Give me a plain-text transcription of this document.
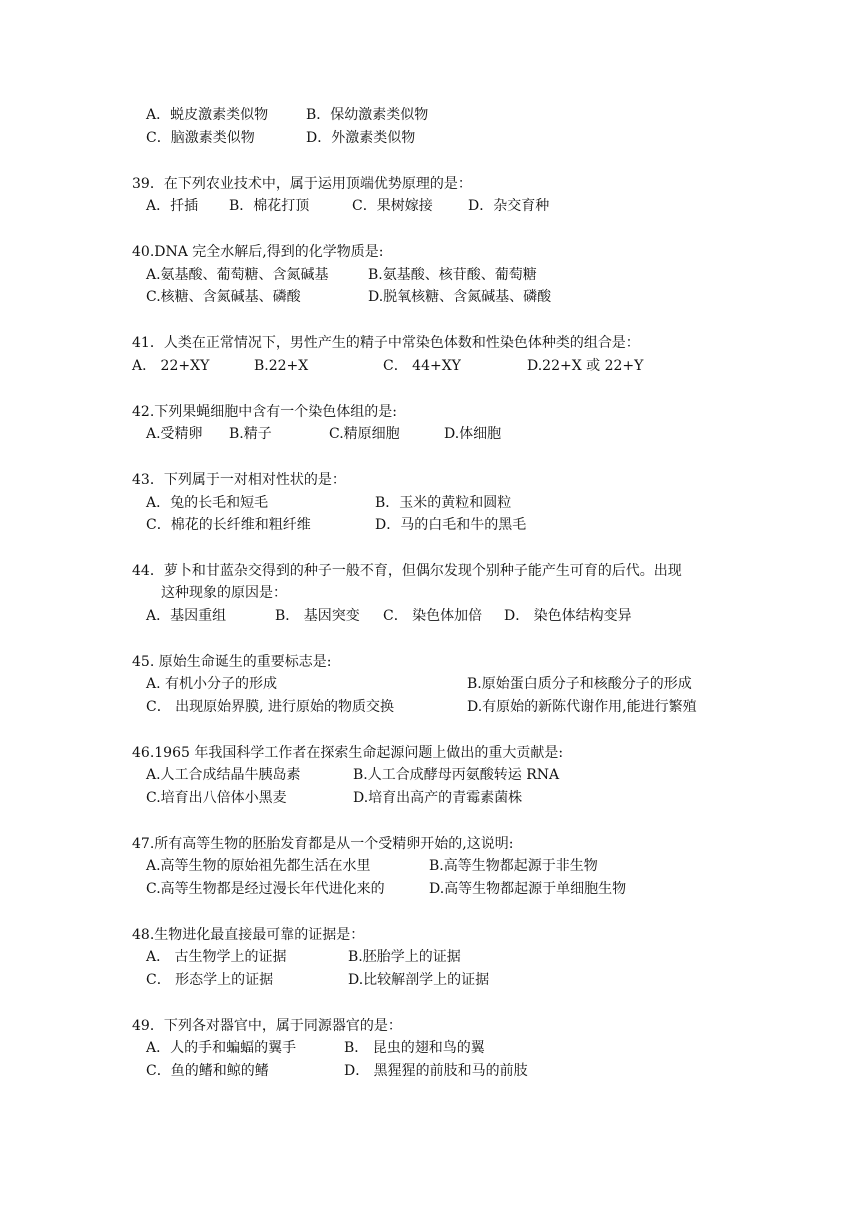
A．蜕皮激素类似物	B．保幼激素类似物
C．脑激素类似物	D．外激素类似物
39．在下列农业技术中，属于运用顶端优势原理的是：
A．扦插 B．棉花打顶	C．果树嫁接	D．杂交育种
40.DNA 完全水解后,得到的化学物质是:
A.氨基酸、葡萄糖、含氮碱基	B.氨基酸、核苷酸、葡萄糖
C.核糖、含氮碱基、磷酸	D.脱氧核糖、含氮碱基、磷酸
41．人类在正常情况下，男性产生的精子中常染色体数和性染色体种类的组合是：
A． 22+XY	B.22+X	C． 44+XY	D.22+X 或 22+Y
42.下列果蝇细胞中含有一个染色体组的是:
A.受精卵 B.精子	C.精原细胞	D.体细胞
43．下列属于一对相对性状的是：
A．兔的长毛和短毛	B．玉米的黄粒和圆粒
C．棉花的长纤维和粗纤维	D．马的白毛和牛的黑毛
44．萝卜和甘蓝杂交得到的种子一般不育，但偶尔发现个别种子能产生可育的后代。出现
这种现象的原因是：
A．基因重组	B． 基因突变 C． 染色体加倍 D． 染色体结构变异
45. 原始生命诞生的重要标志是:
A. 有机小分子的形成	B.原始蛋白质分子和核酸分子的形成
C． 出现原始界膜, 进行原始的物质交换	D.有原始的新陈代谢作用,能进行繁殖
46.1965 年我国科学工作者在探索生命起源问题上做出的重大贡献是:
A.人工合成结晶牛胰岛素	B.人工合成酵母丙氨酸转运 RNA
C.培育出八倍体小黑麦	D.培育出高产的青霉素菌株
47.所有高等生物的胚胎发育都是从一个受精卵开始的,这说明:
A.高等生物的原始祖先都生活在水里	B.高等生物都起源于非生物
C.高等生物都是经过漫长年代进化来的	D.高等生物都起源于单细胞生物
48.生物进化最直接最可靠的证据是：
A． 古生物学上的证据	B.胚胎学上的证据
C． 形态学上的证据	D.比较解剖学上的证据
49．下列各对器官中，属于同源器官的是：
A．人的手和蝙蝠的翼手	B． 昆虫的翅和鸟的翼
C．鱼的鳍和鲸的鳍	D． 黑猩猩的前肢和马的前肢
